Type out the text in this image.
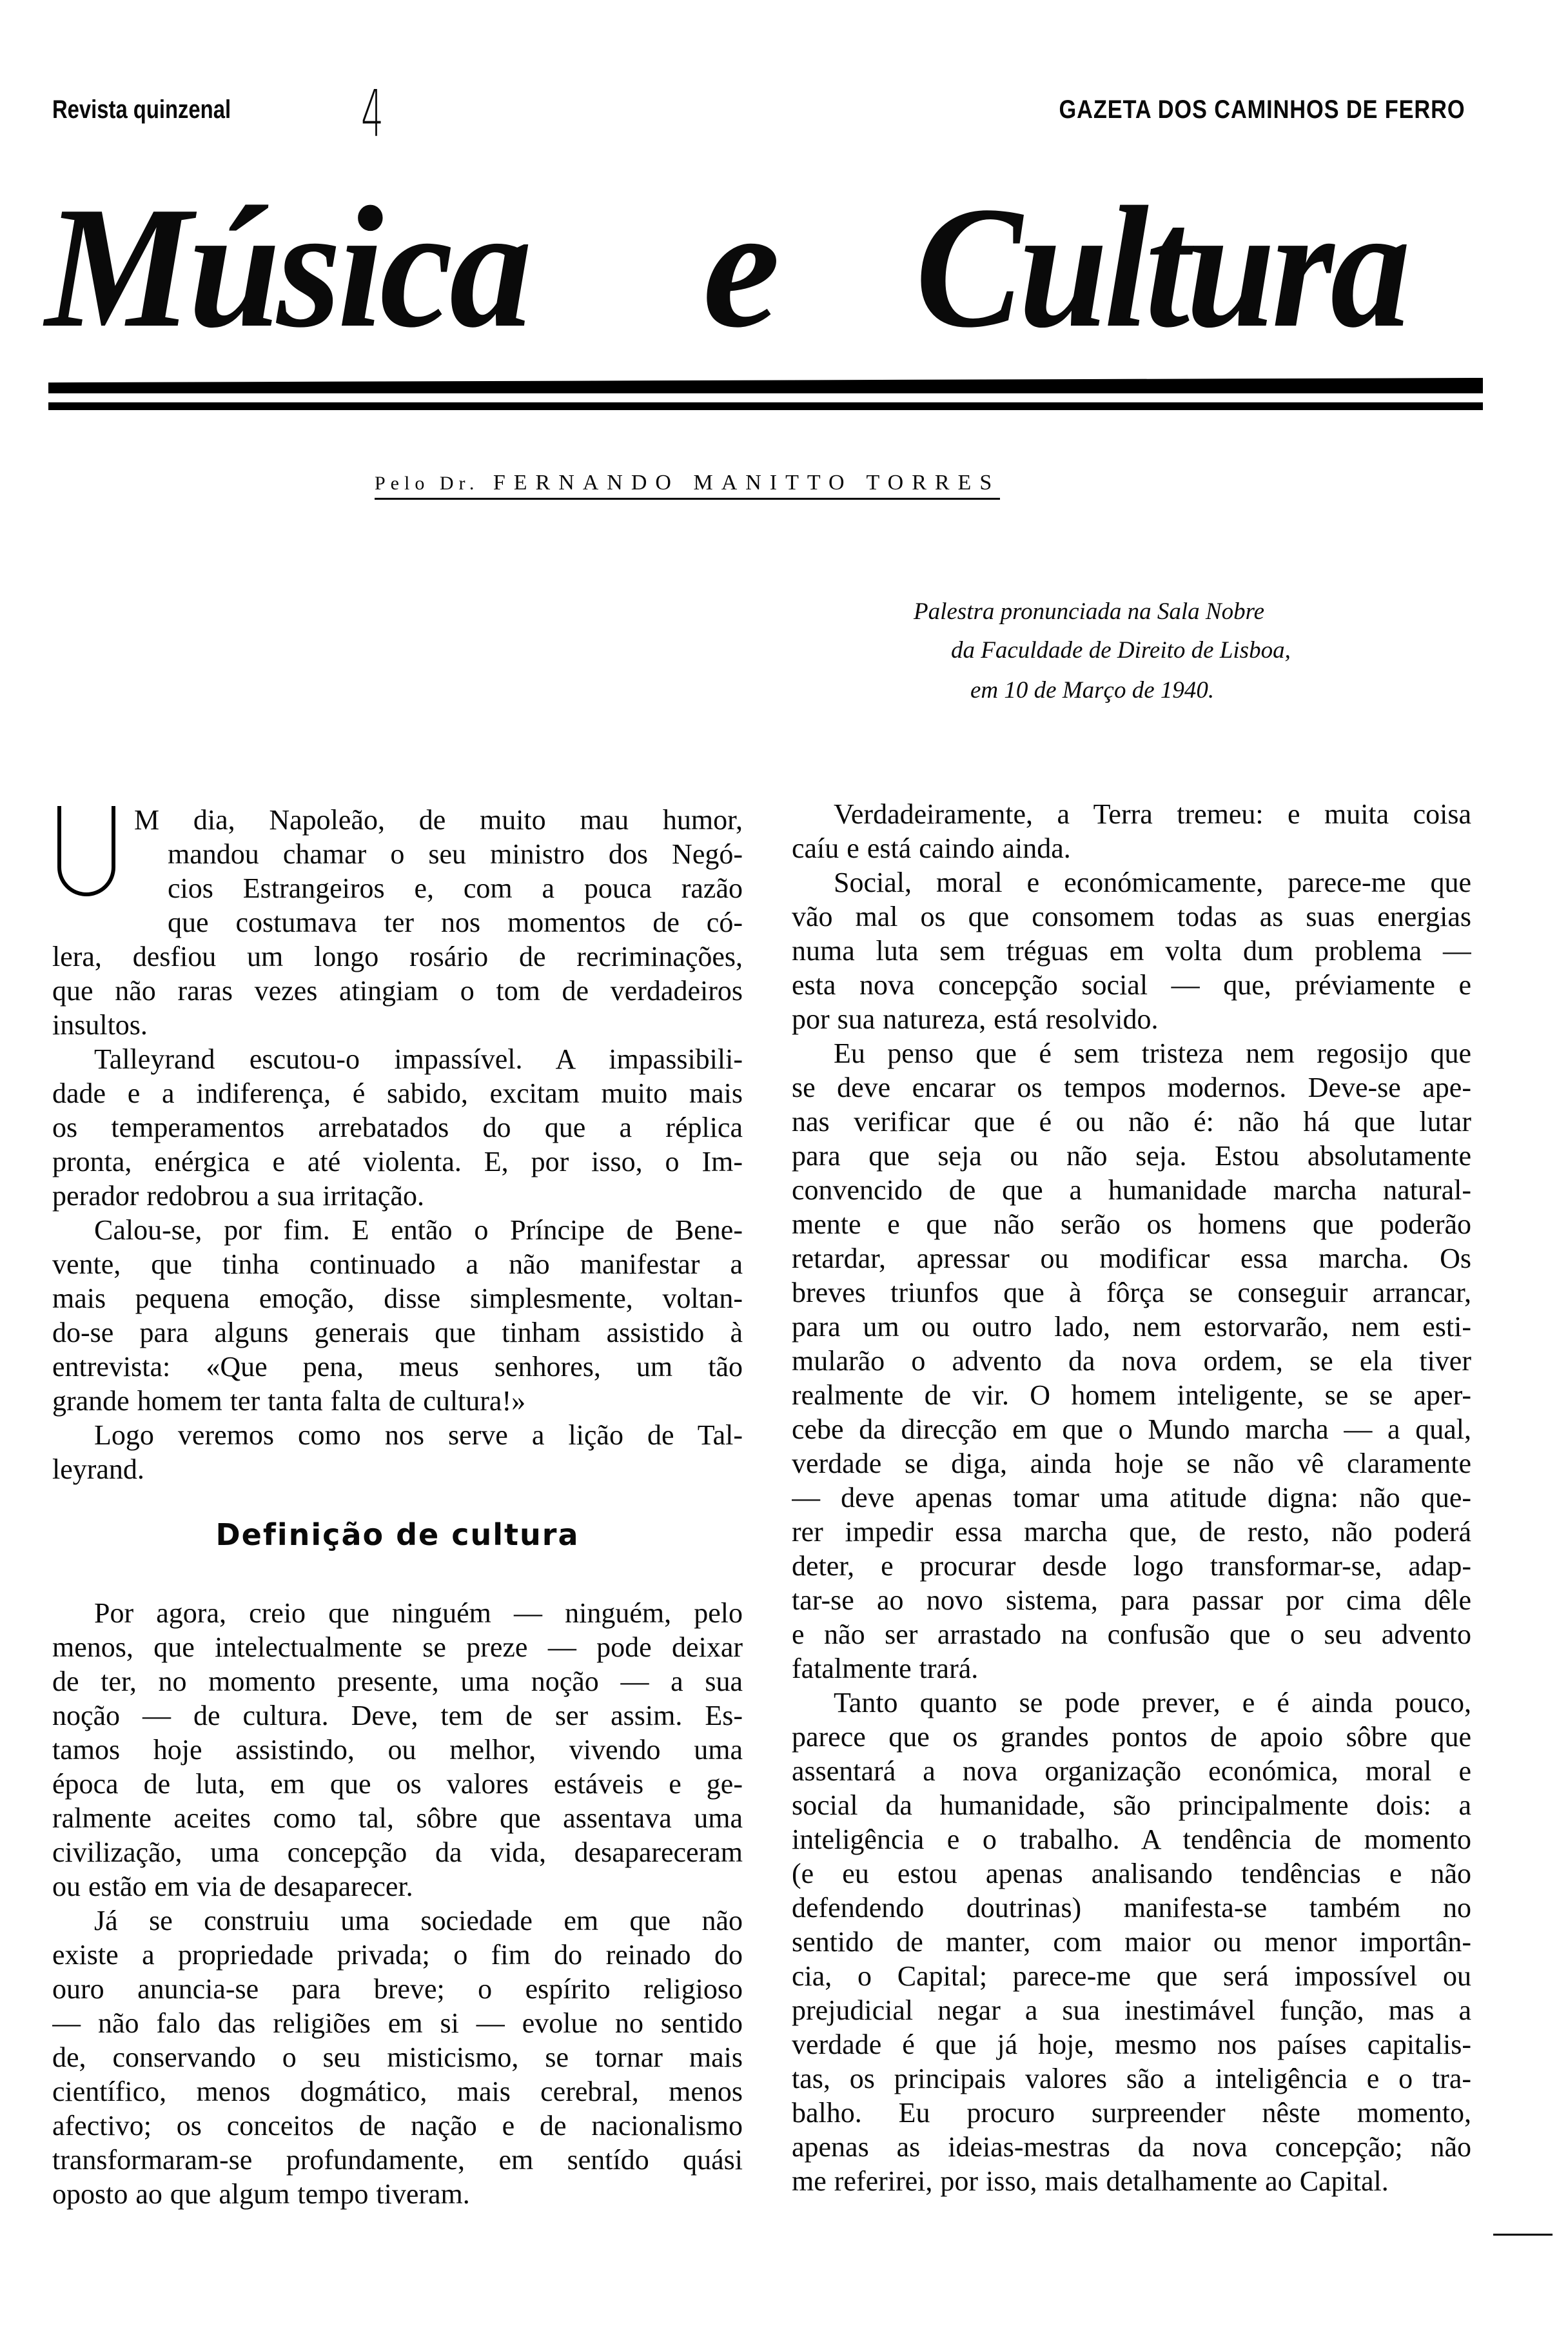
Revista quinzenal 4	GAZETA DOS CAMINHOS DE FERRO
Música e Cultura
Pelo Dr. FERNANDO MANITTO TORRES
Palestra pronunciada na Sala Nobre
da Faculdade de Direito de Lisboa,
em 10 de Março de 1940.
M dia, Napoleão, de muito mau humor,
mandou chamar o seu ministro dos Negó-
cios Estrangeiros e, com a pouca razão
que costumava ter nos momentos de có-
lera, desfiou um longo rosário de recriminações,
que não raras vezes atingiam o tom de verdadeiros
insultos.
Talleyrand escutou-o impassível. A impassibili-
dade e a indiferença, é sabido, excitam muito mais
os temperamentos arrebatados do que a réplica
pronta, enérgica e até violenta. E, por isso, o Im-
perador redobrou a sua irritação.
Calou-se, por fim. E então o Príncipe de Bene-
vente, que tinha continuado a não manifestar a
mais pequena emoção, disse simplesmente, voltan-
do-se para alguns generais que tinham assistido à
entrevista: «Que pena, meus senhores, um tão
grande homem ter tanta falta de cultura!»
Logo veremos como nos serve a lição de Tal-
leyrand.
Definição de cultura
Por agora, creio que ninguém — ninguém, pelo
menos, que intelectualmente se preze — pode deixar
de ter, no momento presente, uma noção — a sua
noção — de cultura. Deve, tem de ser assim. Es-
tamos hoje assistindo, ou melhor, vivendo uma
época de luta, em que os valores estáveis e ge-
ralmente aceites como tal, sôbre que assentava uma
civilização, uma concepção da vida, desapareceram
ou estão em via de desaparecer.
Já se construiu uma sociedade em que não
existe a propriedade privada; o fim do reinado do
ouro anuncia-se para breve; o espírito religioso
— não falo das religiões em si — evolue no sentido
de, conservando o seu misticismo, se tornar mais
científico, menos dogmático, mais cerebral, menos
afectivo; os conceitos de nação e de nacionalismo
transformaram-se profundamente, em sentído quási
oposto ao que algum tempo tiveram.
Verdadeiramente, a Terra tremeu: e muita coisa
caíu e está caindo ainda.
Social, moral e económicamente, parece-me que
vão mal os que consomem todas as suas energias
numa luta sem tréguas em volta dum problema —
esta nova concepção social — que, préviamente e
por sua natureza, está resolvido.
Eu penso que é sem tristeza nem regosijo que
se deve encarar os tempos modernos. Deve-se ape-
nas verificar que é ou não é: não há que lutar
para que seja ou não seja. Estou absolutamente
convencido de que a humanidade marcha natural-
mente e que não serão os homens que poderão
retardar, apressar ou modificar essa marcha. Os
breves triunfos que à fôrça se conseguir arrancar,
para um ou outro lado, nem estorvarão, nem esti-
mularão o advento da nova ordem, se ela tiver
realmente de vir. O homem inteligente, se se aper-
cebe da direcção em que o Mundo marcha — a qual,
verdade se diga, ainda hoje se não vê claramente
— deve apenas tomar uma atitude digna: não que-
rer impedir essa marcha que, de resto, não poderá
deter, e procurar desde logo transformar-se, adap-
tar-se ao novo sistema, para passar por cima dêle
e não ser arrastado na confusão que o seu advento
fatalmente trará.
Tanto quanto se pode prever, e é ainda pouco,
parece que os grandes pontos de apoio sôbre que
assentará a nova organização económica, moral e
social da humanidade, são principalmente dois: a
inteligência e o trabalho. A tendência de momento
(e eu estou apenas analisando tendências e não
defendendo doutrinas) manifesta-se também no
sentido de manter, com maior ou menor importân-
cia, o Capital; parece-me que será impossível ou
prejudicial negar a sua inestimável função, mas a
verdade é que já hoje, mesmo nos países capitalis-
tas, os principais valores são a inteligência e o tra-
balho. Eu procuro surpreender nêste momento,
apenas as ideias-mestras da nova concepção; não
me referirei, por isso, mais detalhamente ao Capital.
